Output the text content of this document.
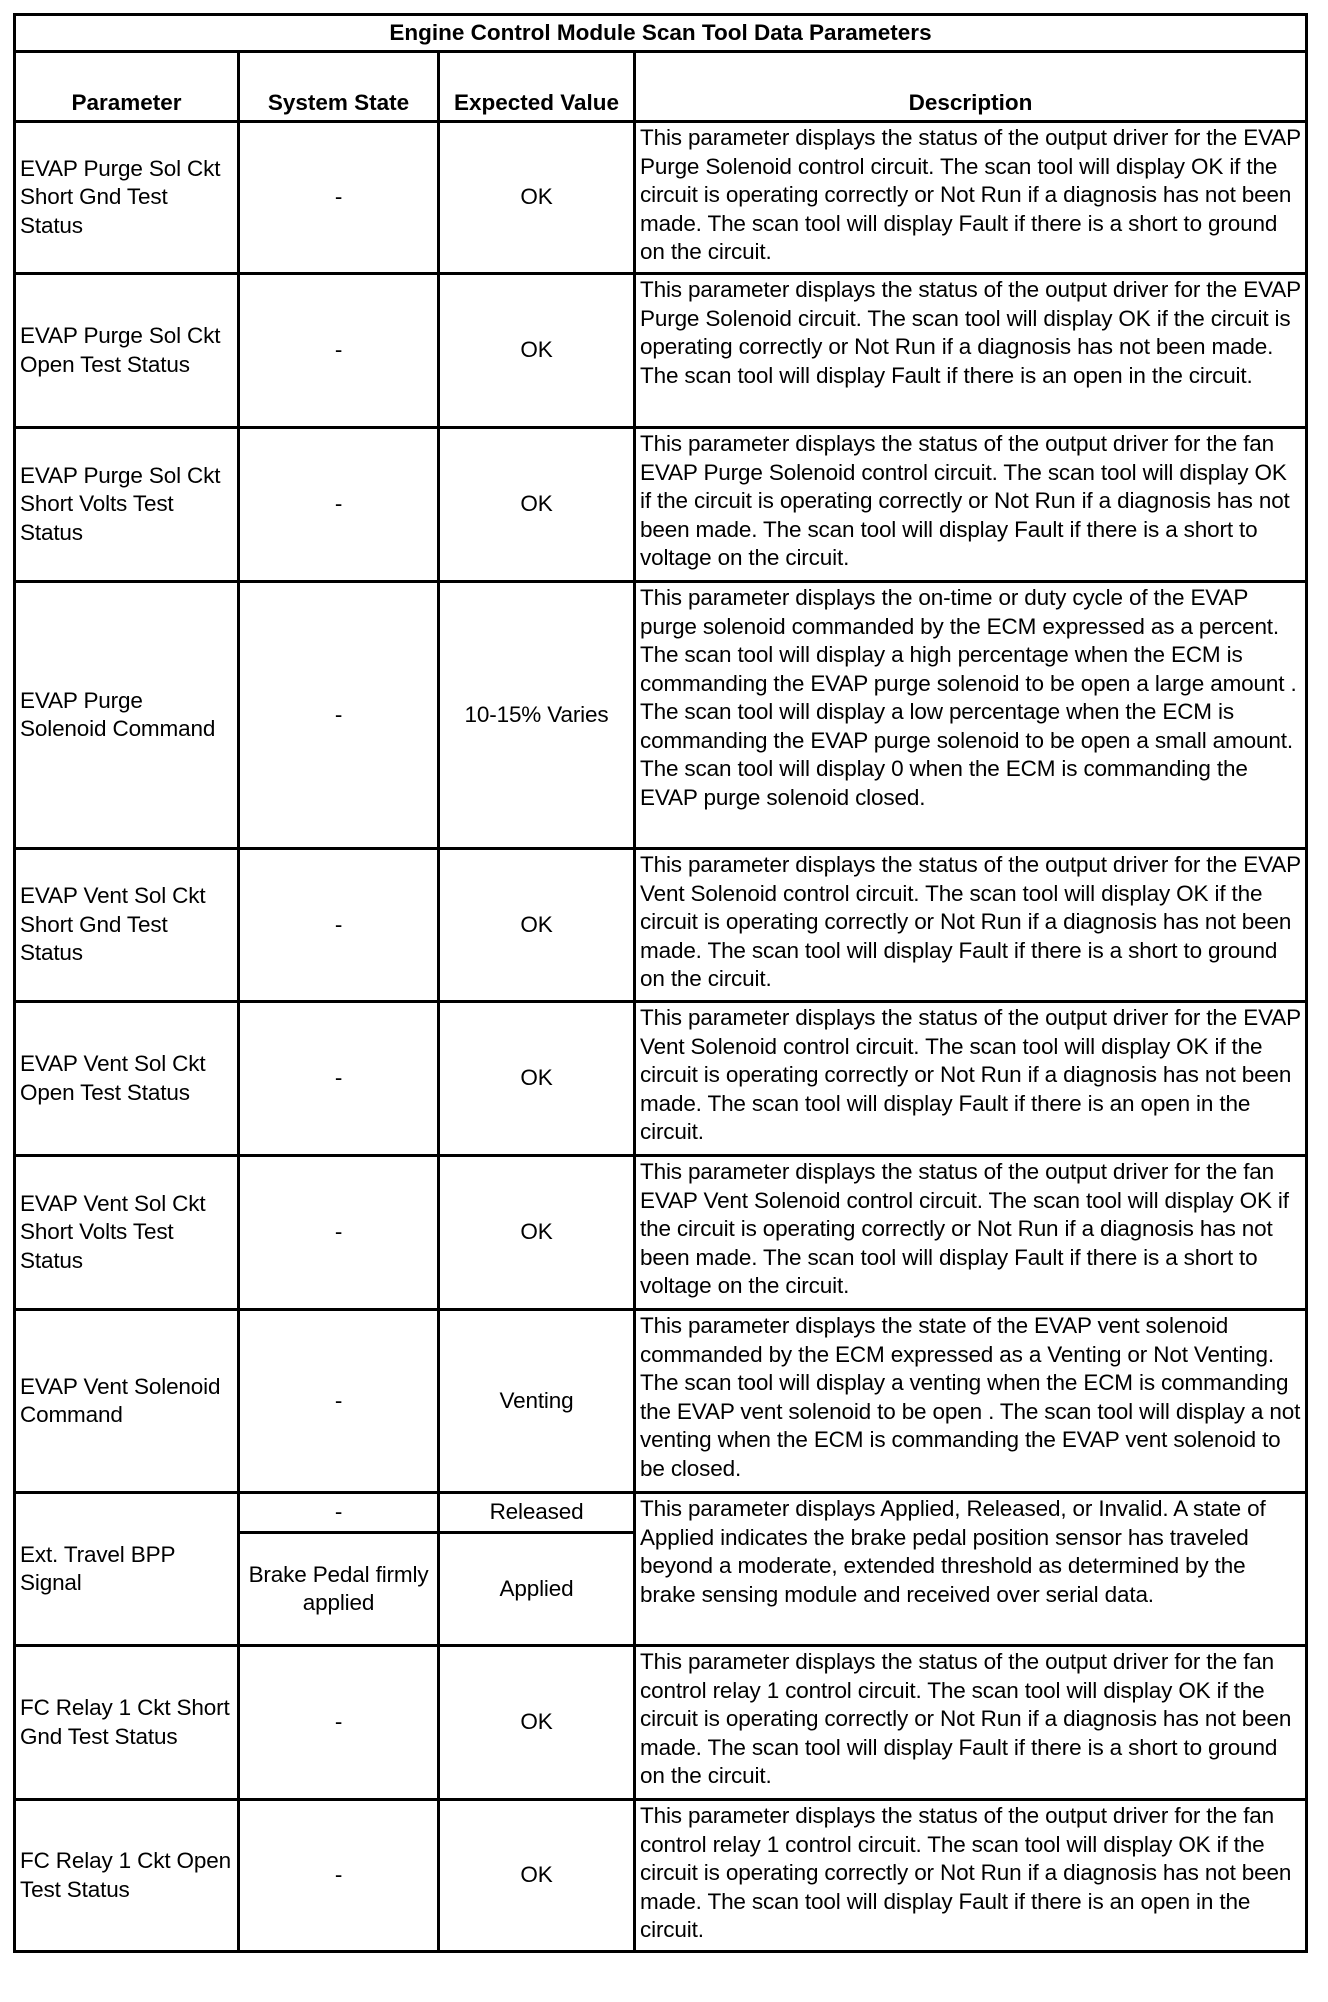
Engine Control Module Scan Tool Data Parameters			
Parameter	System State	Expected Value	Description
EVAP Purge Sol Ckt Short Gnd Test Status	-	OK	This parameter displays the status of the output driver for the EVAP Purge Solenoid control circuit. The scan tool will display OK if the circuit is operating correctly or Not Run if a diagnosis has not been made. The scan tool will display Fault if there is a short to ground on the circuit.
EVAP Purge Sol Ckt Open Test Status	-	OK	This parameter displays the status of the output driver for the EVAP Purge Solenoid circuit. The scan tool will display OK if the circuit is operating correctly or Not Run if a diagnosis has not been made. The scan tool will display Fault if there is an open in the circuit.
EVAP Purge Sol Ckt Short Volts Test Status	-	OK	This parameter displays the status of the output driver for the fan EVAP Purge Solenoid control circuit. The scan tool will display OK if the circuit is operating correctly or Not Run if a diagnosis has not been made. The scan tool will display Fault if there is a short to voltage on the circuit.
EVAP Purge Solenoid Command	-	10-15% Varies	This parameter displays the on-time or duty cycle of the EVAP purge solenoid commanded by the ECM expressed as a percent. The scan tool will display a high percentage when the ECM is commanding the EVAP purge solenoid to be open a large amount . The scan tool will display a low percentage when the ECM is commanding the EVAP purge solenoid to be open a small amount. The scan tool will display 0 when the ECM is commanding the EVAP purge solenoid closed.
EVAP Vent Sol Ckt Short Gnd Test Status	-	OK	This parameter displays the status of the output driver for the EVAP Vent Solenoid control circuit. The scan tool will display OK if the circuit is operating correctly or Not Run if a diagnosis has not been made. The scan tool will display Fault if there is a short to ground on the circuit.
EVAP Vent Sol Ckt Open Test Status	-	OK	This parameter displays the status of the output driver for the EVAP Vent Solenoid control circuit. The scan tool will display OK if the circuit is operating correctly or Not Run if a diagnosis has not been made. The scan tool will display Fault if there is an open in the circuit.
EVAP Vent Sol Ckt Short Volts Test Status	-	OK	This parameter displays the status of the output driver for the fan EVAP Vent Solenoid control circuit. The scan tool will display OK if the circuit is operating correctly or Not Run if a diagnosis has not been made. The scan tool will display Fault if there is a short to voltage on the circuit.
EVAP Vent Solenoid Command	-	Venting	This parameter displays the state of the EVAP vent solenoid commanded by the ECM expressed as a Venting or Not Venting. The scan tool will display a venting when the ECM is commanding the EVAP vent solenoid to be open . The scan tool will display a not venting when the ECM is commanding the EVAP vent solenoid to be closed.
Ext. Travel BPP Signal	-	Released	This parameter displays Applied, Released, or Invalid. A state of Applied indicates the brake pedal position sensor has traveled beyond a moderate, extended threshold as determined by the brake sensing module and received over serial data.
	Brake Pedal firmly applied	Applied	
FC Relay 1 Ckt Short Gnd Test Status	-	OK	This parameter displays the status of the output driver for the fan control relay 1 control circuit. The scan tool will display OK if the circuit is operating correctly or Not Run if a diagnosis has not been made. The scan tool will display Fault if there is a short to ground on the circuit.
FC Relay 1 Ckt Open Test Status	-	OK	This parameter displays the status of the output driver for the fan control relay 1 control circuit. The scan tool will display OK if the circuit is operating correctly or Not Run if a diagnosis has not been made. The scan tool will display Fault if there is an open in the circuit.
